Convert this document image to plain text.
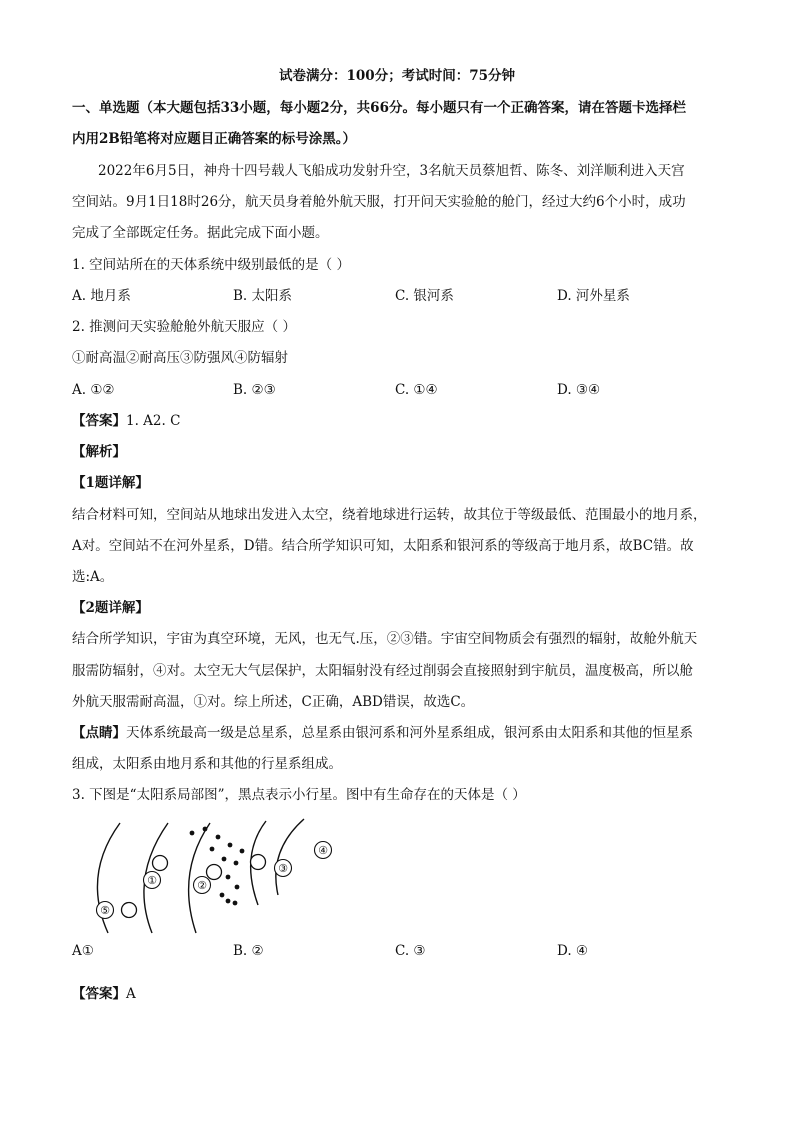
试卷满分：100分；考试时间：75分钟
一、单选题（本大题包括33小题，每小题2分，共66分。每小题只有一个正确答案，请在答题卡选择栏
内用2B铅笔将对应题目正确答案的标号涂黑。）
2022年6月5日，神舟十四号载人飞船成功发射升空，3名航天员蔡旭哲、陈冬、刘洋顺利进入天宫
空间站。9月1日18时26分，航天员身着舱外航天服，打开问天实验舱的舱门，经过大约6个小时，成功
完成了全部既定任务。据此完成下面小题。
1. 空间站所在的天体系统中级别最低的是（ ）
A. 地月系	B. 太阳系	C. 银河系	D. 河外星系
2. 推测问天实验舱舱外航天服应（ ）
①耐高温②耐高压③防强风④防辐射
A. ①②	B. ②③	C. ①④	D. ③④
【答案】1. A2. C
【解析】
【1题详解】
结合材料可知，空间站从地球出发进入太空，绕着地球进行运转，故其位于等级最低、范围最小的地月系，
A对。空间站不在河外星系，D错。结合所学知识可知，太阳系和银河系的等级高于地月系，故BC错。故
选:A。
【2题详解】
结合所学知识，宇宙为真空环境，无风，也无气.压，②③错。宇宙空间物质会有强烈的辐射，故舱外航天
服需防辐射，④对。太空无大气层保护，太阳辐射没有经过削弱会直接照射到宇航员，温度极高，所以舱
外航天服需耐高温，①对。综上所述，C正确，ABD错误，故选C。
【点睛】天体系统最高一级是总星系，总星系由银河系和河外星系组成，银河系由太阳系和其他的恒星系
组成，太阳系由地月系和其他的行星系组成。
3. 下图是“太阳系局部图”，黑点表示小行星。图中有生命存在的天体是（ ）
①	②
③
④
⑤
A①	B. ②	C. ③	D. ④
【答案】A
